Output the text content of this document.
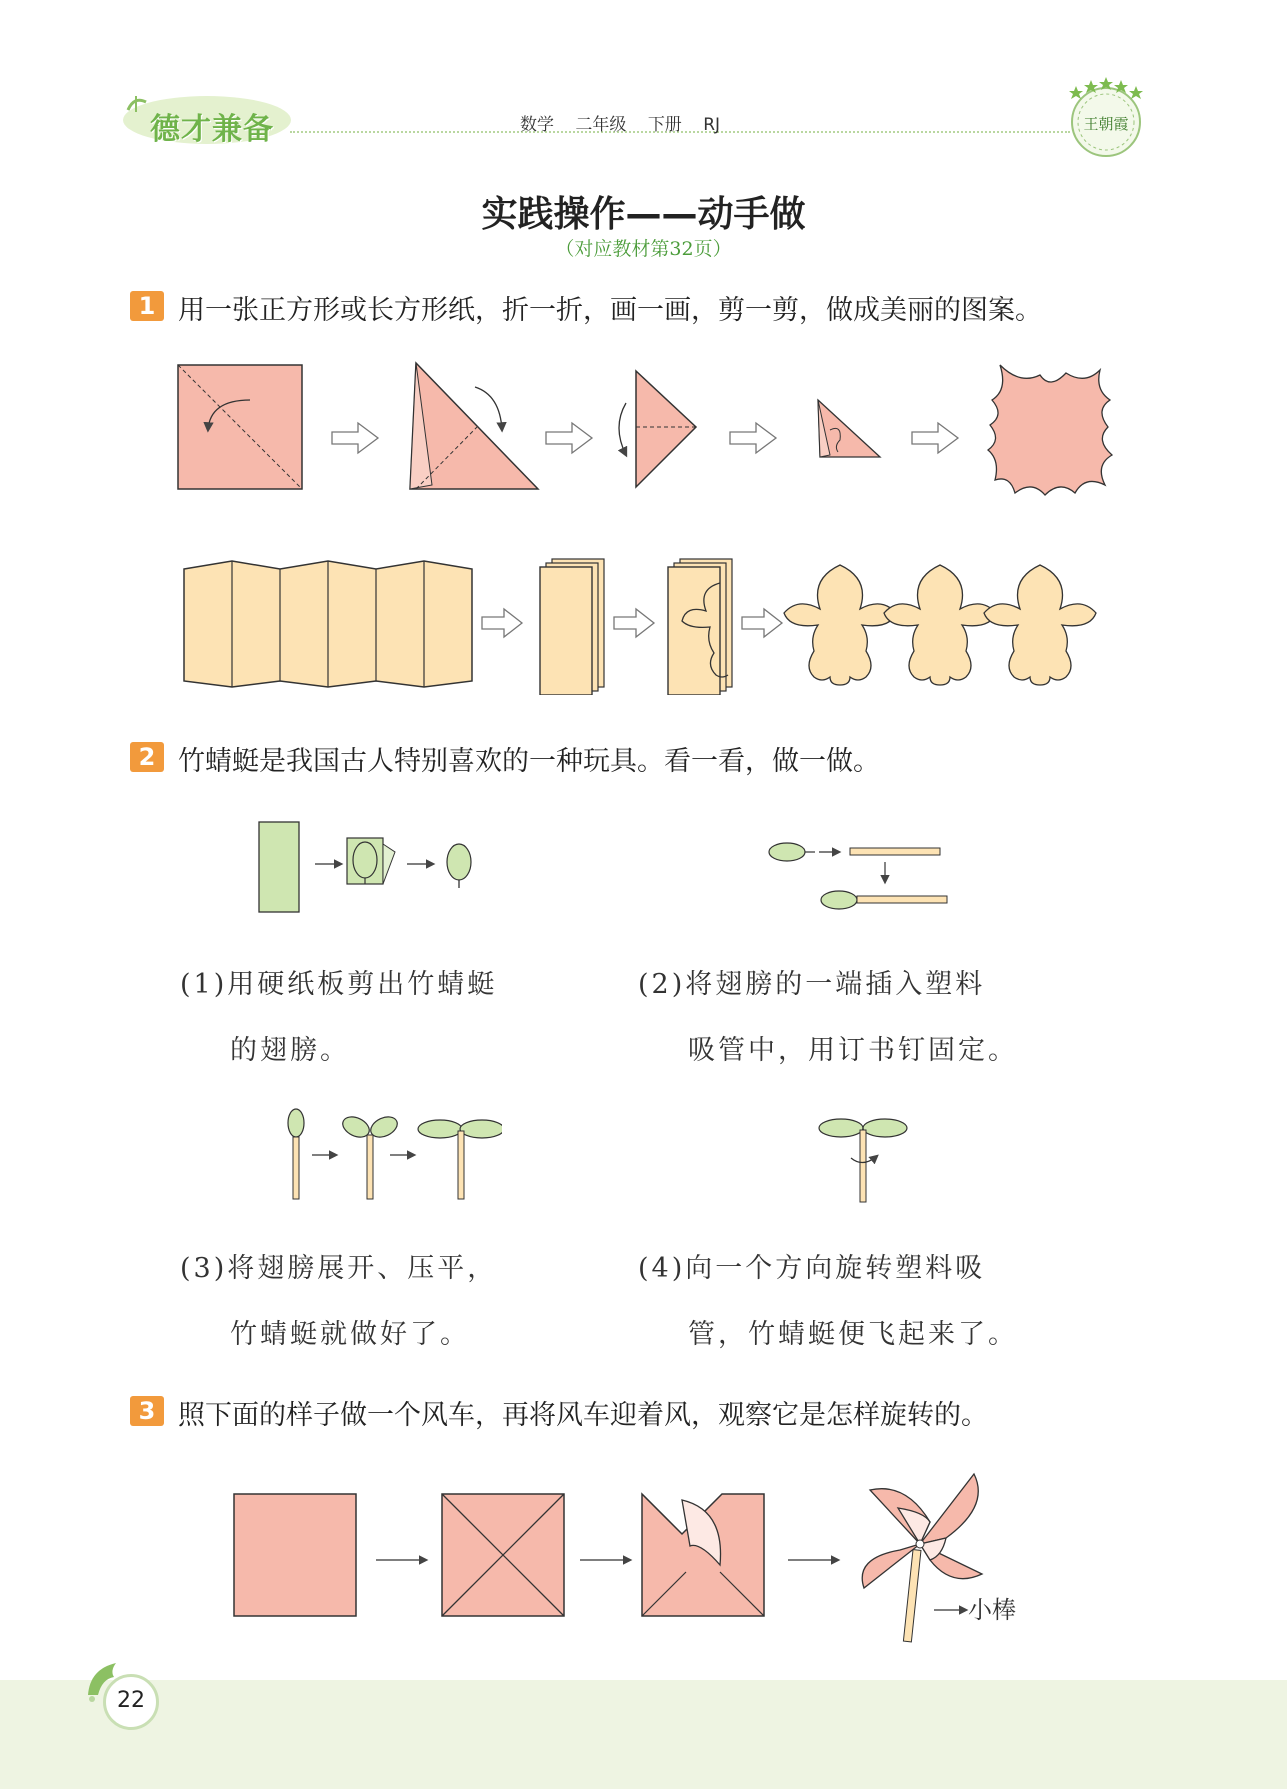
德才兼备	数学 二年级 下册 RJ	王朝霞
实践操作——动手做
（对应教材第32页）
1 用一张正方形或长方形纸，折一折，画一画，剪一剪，做成美丽的图案。
2 竹蜻蜓是我国古人特别喜欢的一种玩具。看一看，做一做。
(1)用硬纸板剪出竹蜻蜓
的翅膀。
(2)将翅膀的一端插入塑料
吸管中，用订书钉固定。
(3)将翅膀展开、压平，
竹蜻蜓就做好了。
(4)向一个方向旋转塑料吸
管，竹蜻蜓便飞起来了。
3 照下面的样子做一个风车，再将风车迎着风，观察它是怎样旋转的。
小棒
22
